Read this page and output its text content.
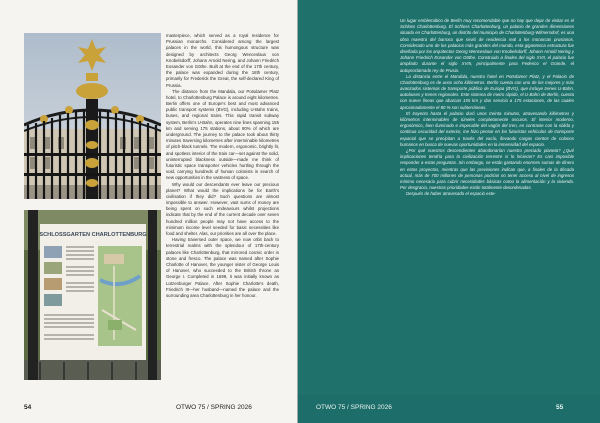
SCHLOSSGARTEN CHARLOTTENBURG

masterpiece, which served as a royal residence for Prussian monarchs. Considered among the largest palaces in the world, this humongous structure was designed by architects Georg Wenceslaus von Knobelsdorff, Johann Arnold Nering, and Johann Friedrich Eosander von Göthe. Built at the end of the 17th century, the palace was expanded during the 18th century, primarily for Frederick the Great, the self-declared King of Prussia.

The distance from the Mandala, our Potsdamer Platz hotel, to Charlottenburg Palace is around eight kilometres. Berlin offers one of Europe's best and most advanced public transport systems (BVG), including U-Bahn trains, buses, and regional trains. This rapid transit subway system, Berlin's U-Bahn, operates nine lines spanning 155 km and serving 175 stations, about 80% of which are underground. The journey to the palace took about thirty minutes traversing kilometres after interminable kilometres of pitch-black tunnels. The modern, ergonomic, brightly lit, and spotless interior of the train car—set against the solid, uninterrupted blackness outside—made me think of futuristic space transporter vehicles hurtling through the void, carrying hundreds of human colonists in search of new opportunities in the vastness of space.

Why would our descendants ever leave our precious planet? What would the implications be for Earth's civilisation if they did? Such questions are almost impossible to answer. However, vast sums of money are being spent on such endeavours whilst projections indicate that by the end of the current decade over seven hundred million people may not have access to the minimum income level needed for basic necessities like food and shelter. Alas, our priorities are all over the place.

Having traversed outer space, we now orbit back to terrestrial realms with the splendour of 17th-century palaces like Charlottenburg, that mirrored cosmic order in stone and fresco. The palace was named after Sophie Charlotte of Hanover, the younger sister of George Louis of Hanover, who succeeded to the British throne as George I. Completed in 1699, it was initially known as Lützenburger Palace. After Sophie Charlotte's death, Friedrich III—her husband—named the palace and the surrounding area Charlottenburg in her honour.

54	OTWO 75 / SPRING 2026

Un lugar emblemático de Berlín muy recomendable que no hay que dejar de visitar es el Schloss Charlottenburg. El Schloss Charlottenburg, un palacio de grandes dimensiones situado en Charlottenburg, un distrito del municipio de Charlottenburg-Wilmersdorf, es una obra maestra del barroco que sirvió de residencia real a los monarcas prusianos. Considerado uno de los palacios más grandes del mundo, esta gigantesca estructura fue diseñada por los arquitectos Georg Wenceslaus von Knobelsdorff, Johann Arnold Nering y Johann Friedrich Eosander von Göthe. Construido a finales del siglo XVII, el palacio fue ampliado durante el siglo XVIII, principalmente para Federico el Grande, el autoproclamado rey de Prusia.

La distancia entre el Mandala, nuestro hotel en Potsdamer Platz, y el Palacio de Charlottenburg es de unos ocho kilómetros. Berlín cuenta con uno de los mejores y más avanzados sistemas de transporte público de Europa (BVG), que incluye trenes U-Bahn, autobuses y trenes regionales. Este sistema de metro rápido, el U-Bahn de Berlín, cuenta con nueve líneas que abarcan 155 km y dan servicio a 175 estaciones, de las cuales aproximadamente el 80 % son subterráneas.

El trayecto hasta el palacio duró unos treinta minutos, atravesando kilómetros y kilómetros interminables de túneles completamente oscuros. El interior moderno, ergonómico, bien iluminado e impecable del vagón del tren, en contraste con la sólida y continua oscuridad del exterior, me hizo pensar en los futuristas vehículos de transporte espacial que se precipitan a través del vacío, llevando cargas cientos de colonos humanos en busca de nuevas oportunidades en la inmensidad del espacio.

¿Por qué nuestros descendientes abandonarían nuestro preciado planeta? ¿Qué implicaciones tendría para la civilización terrestre si lo hicieran? Es casi imposible responder a estas preguntas. Sin embargo, se están gastando enormes sumas de dinero en estos proyectos, mientras que las previsiones indican que, a finales de la década actual, más de 700 millones de personas podrían no tener acceso al nivel de ingresos mínimo necesario para cubrir necesidades básicas como la alimentación y la vivienda. Por desgracia, nuestras prioridades están totalmente desordenadas.

Después de haber atravesado el espacio exte-

OTWO 75 / SPRING 2026	55
